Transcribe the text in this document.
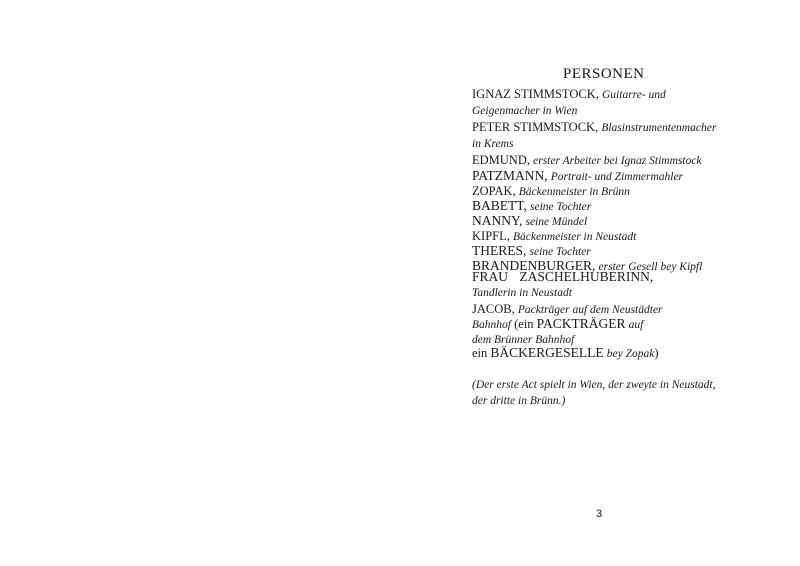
PERSONEN
IGNAZ STIMMSTOCK, Guitarre- und
Geigenmacher in Wien
PETER STIMMSTOCK, Blasinstrumentenmacher
in Krems
EDMUND, erster Arbeiter bei Ignaz Stimmstock
PATZMANN, Portrait- und Zimmermahler
ZOPAK, Bäckenmeister in Brünn
BABETT, seine Tochter
NANNY, seine Mündel
KIPFL, Bäckenmeister in Neustadt
THERES, seine Tochter
BRANDENBURGER, erster Gesell bey Kipfl
FRAU ZASCHELHUBERINN,
Tandlerin in Neustadt
JACOB, Packträger auf dem Neustädter
Bahnhof (ein PACKTRÄGER auf
dem Brünner Bahnhof
ein BÄCKERGESELLE bey Zopak)
(Der erste Act spielt in Wien, der zweyte in Neustadt,
der dritte in Brünn.)
3
